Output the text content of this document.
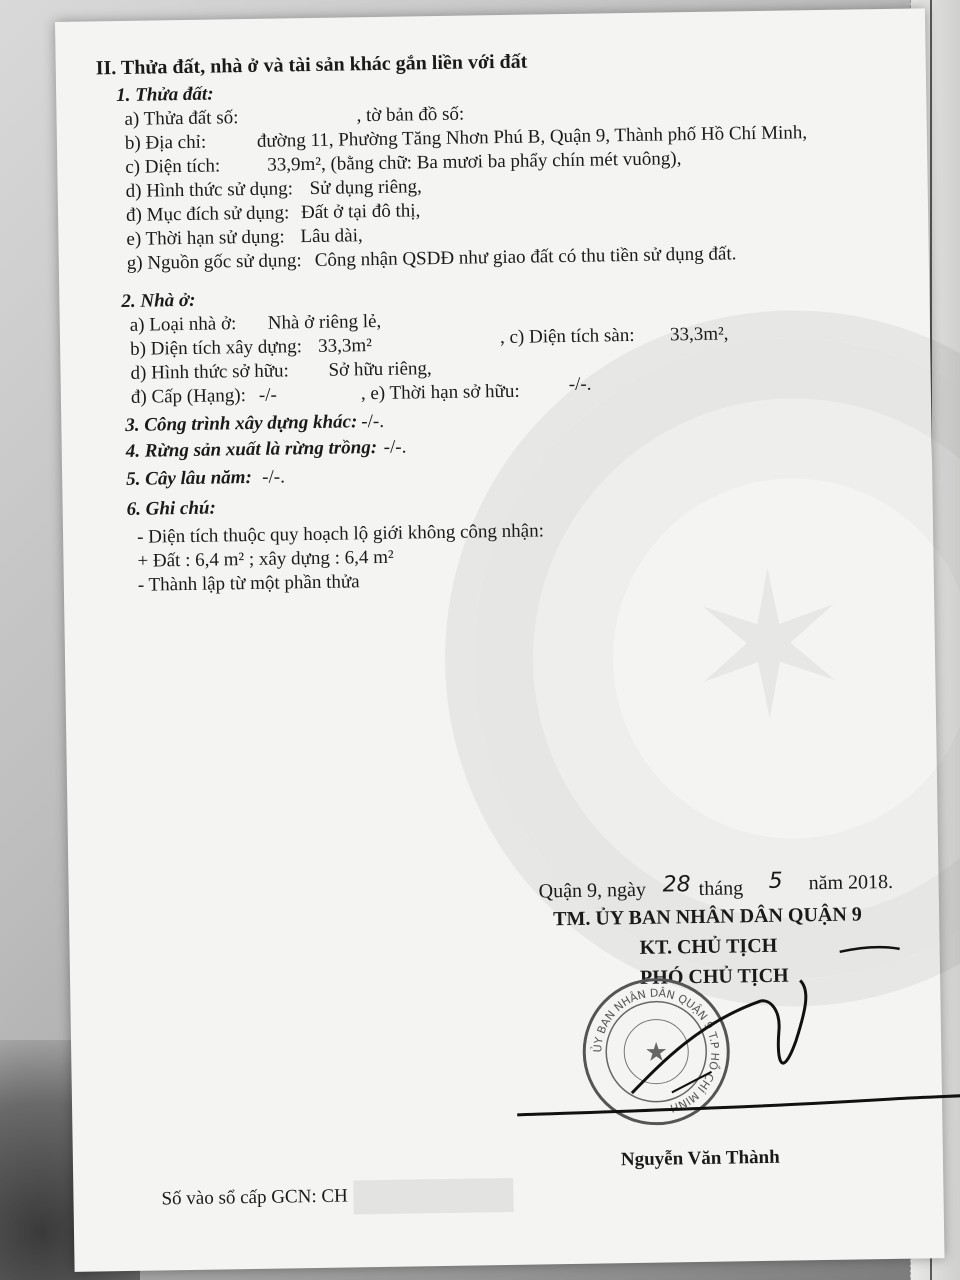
✶
II. Thửa đất, nhà ở và tài sản khác gắn liền với đất
1. Thửa đất:
a) Thửa đất số:	, tờ bản đồ số:
b) Địa chỉ:	đường 11, Phường Tăng Nhơn Phú B, Quận 9, Thành phố Hồ Chí Minh,
c) Diện tích: 33,9m², (bằng chữ: Ba mươi ba phẩy chín mét vuông),
d) Hình thức sử dụng: Sử dụng riêng,
đ) Mục đích sử dụng: Đất ở tại đô thị,
e) Thời hạn sử dụng: Lâu dài,
g) Nguồn gốc sử dụng: Công nhận QSDĐ như giao đất có thu tiền sử dụng đất.
2. Nhà ở:
a) Loại nhà ở: Nhà ở riêng lẻ,
b) Diện tích xây dựng: 33,3m²	, c) Diện tích sàn: 33,3m²,
d) Hình thức sở hữu: Sở hữu riêng,
đ) Cấp (Hạng): -/-	, e) Thời hạn sở hữu:	-/-.
3. Công trình xây dựng khác: -/-.
4. Rừng sản xuất là rừng trồng: -/-.
5. Cây lâu năm: -/-.
6. Ghi chú:
- Diện tích thuộc quy hoạch lộ giới không công nhận:
+ Đất : 6,4 m² ; xây dựng : 6,4 m²
- Thành lập từ một phần thửa
Quận 9, ngày 28 tháng 5 năm 2018.
TM. ỦY BAN NHÂN DÂN QUẬN 9
KT. CHỦ TỊCH
PHÓ CHỦ TỊCH
ỦY BAN NHÂN DÂN QUẬN 9 T.P HỒ CHÍ MINH
★
Nguyễn Văn Thành
Số vào sổ cấp GCN: CH
